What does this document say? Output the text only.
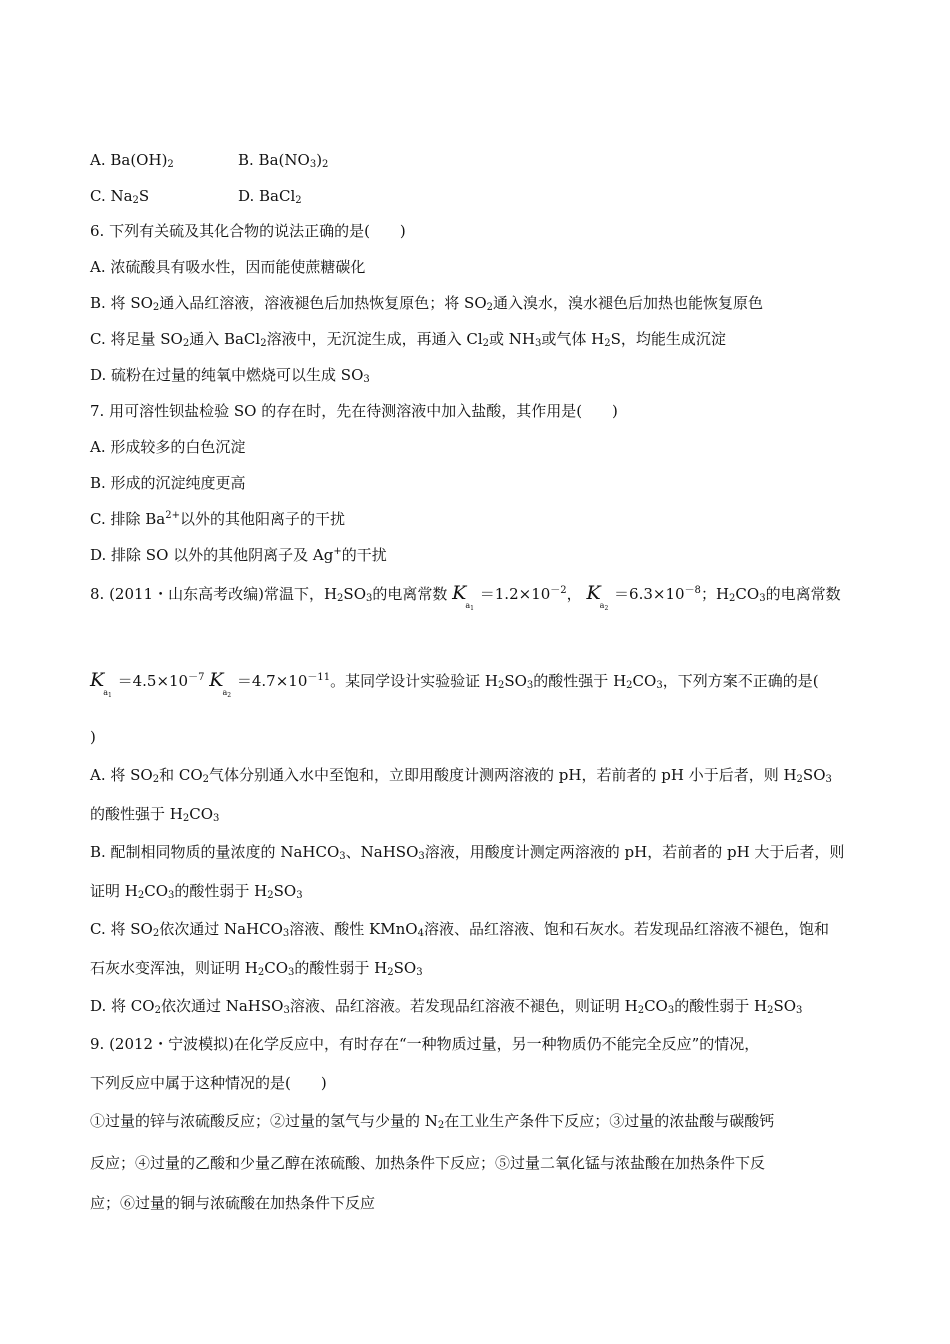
A. $Ba(OH)_2$	B. $Ba(NO_3)_2$
C. $Na_2S$	D. BaCl$_2$
6. 下列有关硫及其化合物的说法正确的是(　　)
A. 浓硫酸具有吸水性，因而能使蔗糖碳化
B. 将 $SO_2$通入品红溶液，溶液褪色后加热恢复原色；将 $SO_2$通入溴水，溴水褪色后加热也能恢复原色
C. 将足量 $SO_2$通入 BaCl$_2$溶液中，无沉淀生成，再通入 $Cl_2$或 $NH_3$或气体 $H_2S$，均能生成沉淀
D. 硫粉在过量的纯氧中燃烧可以生成 $SO_3$
7. 用可溶性钡盐检验 SO 的存在时，先在待测溶液中加入盐酸，其作用是(　　)
A. 形成较多的白色沉淀
B. 形成的沉淀纯度更高
C. 排除 $Ba^{2+}$以外的其他阳离子的干扰
D. 排除 SO 以外的其他阴离子及 Ag+的干扰
8. (2011・山东高考改编)常温下，$H_2SO_3$的电离常数 $K_{a_1} =1.2\times 10^{-2}$， $K_{a_2} =6.3\times 10^{-8}$；$H_2CO_3$的电离常数
$K_{a_1} =4.5\times 10^{-7}$ $K_{a_2} =4.7\times 10^{-11}$。某同学设计实验验证 $H_2SO_3$的酸性强于 $H_2CO_3$，下列方案不正确的是(
)
A. 将 $SO_2$和 $CO_2$气体分别通入水中至饱和，立即用酸度计测两溶液的 pH，若前者的 pH 小于后者，则 $H_2SO_3$
的酸性强于 $H_2CO_3$
B. 配制相同物质的量浓度的 NaHCO$_3$、NaHSO$_3$溶液，用酸度计测定两溶液的 pH，若前者的 pH 大于后者，则
证明 $H_2CO_3$的酸性弱于 $H_2SO_3$
C. 将 $SO_2$依次通过 NaHCO$_3$溶液、酸性 KMnO$_4$溶液、品红溶液、饱和石灰水。若发现品红溶液不褪色，饱和
石灰水变浑浊，则证明 $H_2CO_3$的酸性弱于 $H_2SO_3$
D. 将 $CO_2$依次通过 NaHSO$_3$溶液、品红溶液。若发现品红溶液不褪色，则证明 $H_2CO_3$的酸性弱于 $H_2SO_3$
9. (2012・宁波模拟)在化学反应中，有时存在“一种物质过量，另一种物质仍不能完全反应”的情况，
下列反应中属于这种情况的是(　　)
①过量的锌与浓硫酸反应；②过量的氢气与少量的 $N_2$在工业生产条件下反应；③过量的浓盐酸与碳酸钙
反应；④过量的乙酸和少量乙醇在浓硫酸、加热条件下反应；⑤过量二氧化锰与浓盐酸在加热条件下反
应；⑥过量的铜与浓硫酸在加热条件下反应
